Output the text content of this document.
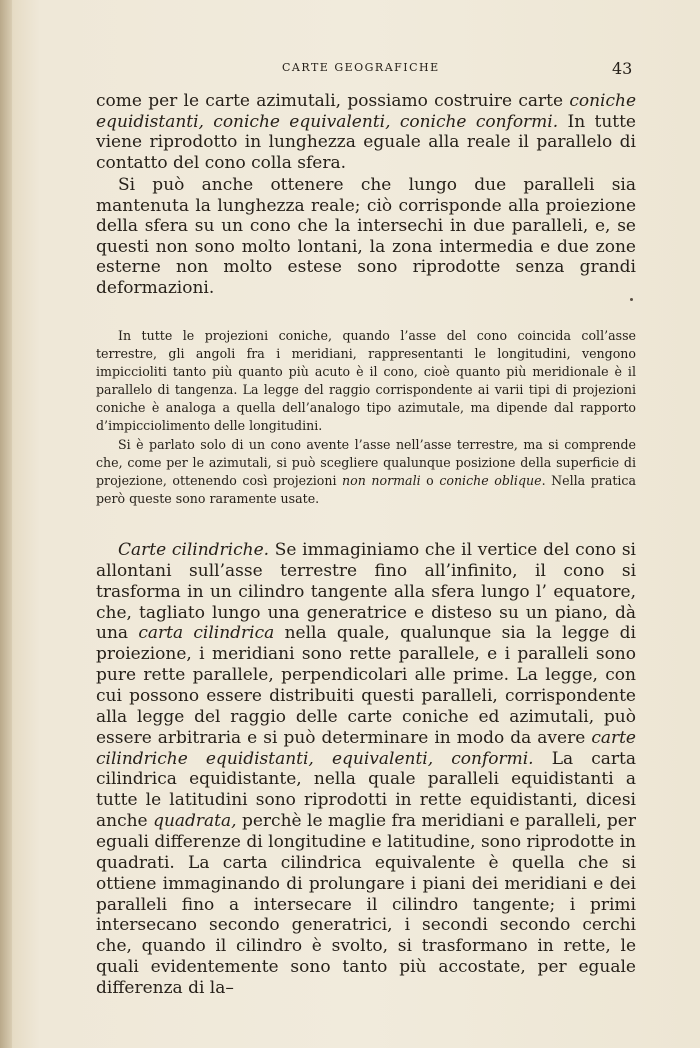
CARTE GEOGRAFICHE	43

come per le carte azimutali, possiamo costruire carte coniche equidistanti, coniche equivalenti, coniche conformi. In tutte viene riprodotto in lunghezza eguale alla reale il parallelo di contatto del cono colla sfera.

Si può anche ottenere che lungo due paralleli sia mantenuta la lunghezza reale; ciò corrisponde alla proiezione della sfera su un cono che la intersechi in due paralleli, e, se questi non sono molto lontani, la zona intermedia e due zone esterne non molto estese sono riprodotte senza grandi deformazioni.

In tutte le projezioni coniche, quando l’asse del cono coincida coll’asse terrestre, gli angoli fra i meridiani, rappresentanti le longitudini, vengono impiccioliti tanto più quanto più acuto è il cono, cioè quanto più meridionale è il parallelo di tangenza. La legge del raggio corrispondente ai varii tipi di projezioni coniche è analoga a quella dell’analogo tipo azimutale, ma dipende dal rapporto d’impicciolimento delle longitudini.

Si è parlato solo di un cono avente l’asse nell’asse terrestre, ma si comprende che, come per le azimutali, si può scegliere qualunque posizione della superficie di projezione, ottenendo così projezioni non normali o coniche oblique. Nella pratica però queste sono raramente usate.

Carte cilindriche. Se immaginiamo che il vertice del cono si allontani sull’asse terrestre fino all’infinito, il cono si trasforma in un cilindro tangente alla sfera lungo l’ equatore, che, tagliato lungo una generatrice e disteso su un piano, dà una carta cilindrica nella quale, qualunque sia la legge di proiezione, i meridiani sono rette parallele, e i paralleli sono pure rette parallele, perpendicolari alle prime. La legge, con cui possono essere distribuiti questi paralleli, corrispondente alla legge del raggio delle carte coniche ed azimutali, può essere arbitraria e si può determinare in modo da avere carte cilindriche equidistanti, equivalenti, conformi. La carta cilindrica equidistante, nella quale paralleli equidistanti a tutte le latitudini sono riprodotti in rette equidistanti, dicesi anche quadrata, perchè le maglie fra meridiani e paralleli, per eguali differenze di longitudine e latitudine, sono riprodotte in quadrati. La carta cilindrica equivalente è quella che si ottiene immaginando di prolungare i piani dei meridiani e dei paralleli fino a intersecare il cilindro tangente; i primi intersecano secondo generatrici, i secondi secondo cerchi che, quando il cilindro è svolto, si trasformano in rette, le quali evidentemente sono tanto più accostate, per eguale differenza di la–
